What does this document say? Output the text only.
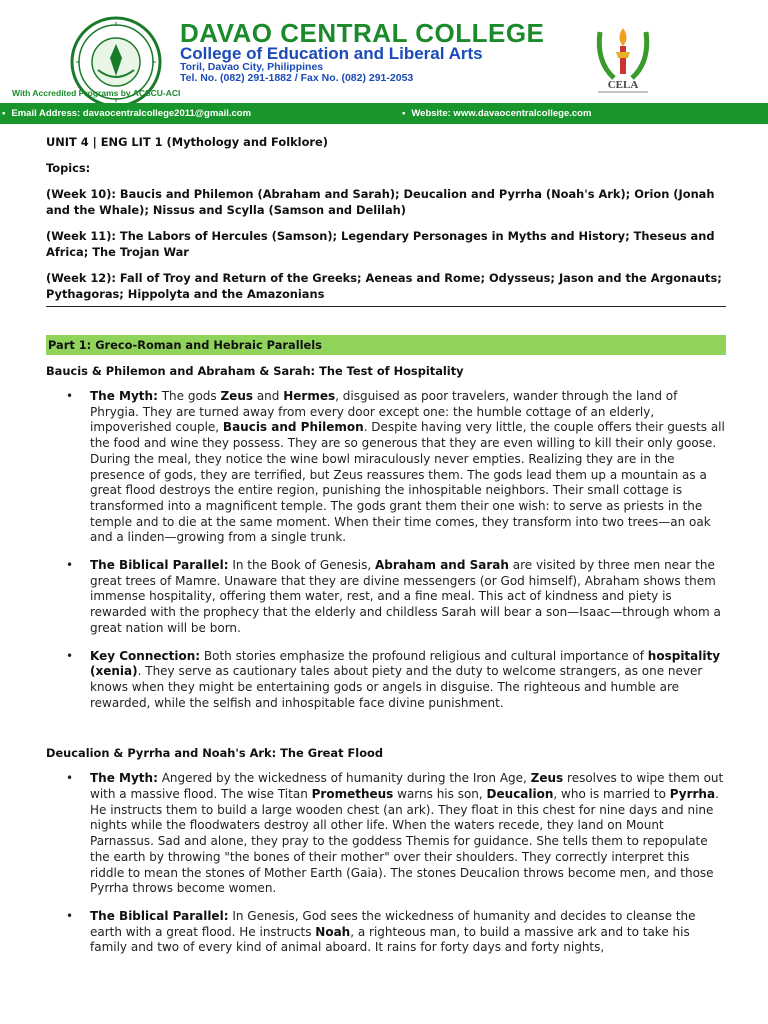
DAVAO CENTRAL COLLEGE
College of Education and Liberal Arts
Toril, Davao City, Philippines
Tel. No. (082) 291-1882 / Fax No. (082) 291-2053
With Accredited Programs by ACSCU-ACI
CELA
▪ Email Address: davaocentralcollege2011@gmail.com	▪ Website: www.davaocentralcollege.com
UNIT 4 | ENG LIT 1 (Mythology and Folklore)
Topics:
(Week 10): Baucis and Philemon (Abraham and Sarah); Deucalion and Pyrrha (Noah's Ark); Orion (Jonah and the Whale); Nissus and Scylla (Samson and Delilah)
(Week 11): The Labors of Hercules (Samson); Legendary Personages in Myths and History; Theseus and Africa; The Trojan War
(Week 12): Fall of Troy and Return of the Greeks; Aeneas and Rome; Odysseus; Jason and the Argonauts; Pythagoras; Hippolyta and the Amazonians
Part 1: Greco-Roman and Hebraic Parallels
Baucis & Philemon and Abraham & Sarah: The Test of Hospitality
• The Myth: The gods Zeus and Hermes, disguised as poor travelers, wander through the land of Phrygia. They are turned away from every door except one: the humble cottage of an elderly, impoverished couple, Baucis and Philemon. Despite having very little, the couple offers their guests all the food and wine they possess. They are so generous that they are even willing to kill their only goose. During the meal, they notice the wine bowl miraculously never empties. Realizing they are in the presence of gods, they are terrified, but Zeus reassures them. The gods lead them up a mountain as a great flood destroys the entire region, punishing the inhospitable neighbors. Their small cottage is transformed into a magnificent temple. The gods grant them their one wish: to serve as priests in the temple and to die at the same moment. When their time comes, they transform into two trees—an oak and a linden—growing from a single trunk.
• The Biblical Parallel: In the Book of Genesis, Abraham and Sarah are visited by three men near the great trees of Mamre. Unaware that they are divine messengers (or God himself), Abraham shows them immense hospitality, offering them water, rest, and a fine meal. This act of kindness and piety is rewarded with the prophecy that the elderly and childless Sarah will bear a son—Isaac—through whom a great nation will be born.
• Key Connection: Both stories emphasize the profound religious and cultural importance of hospitality (xenia). They serve as cautionary tales about piety and the duty to welcome strangers, as one never knows when they might be entertaining gods or angels in disguise. The righteous and humble are rewarded, while the selfish and inhospitable face divine punishment.
Deucalion & Pyrrha and Noah's Ark: The Great Flood
• The Myth: Angered by the wickedness of humanity during the Iron Age, Zeus resolves to wipe them out with a massive flood. The wise Titan Prometheus warns his son, Deucalion, who is married to Pyrrha. He instructs them to build a large wooden chest (an ark). They float in this chest for nine days and nine nights while the floodwaters destroy all other life. When the waters recede, they land on Mount Parnassus. Sad and alone, they pray to the goddess Themis for guidance. She tells them to repopulate the earth by throwing "the bones of their mother" over their shoulders. They correctly interpret this riddle to mean the stones of Mother Earth (Gaia). The stones Deucalion throws become men, and those Pyrrha throws become women.
• The Biblical Parallel: In Genesis, God sees the wickedness of humanity and decides to cleanse the earth with a great flood. He instructs Noah, a righteous man, to build a massive ark and to take his family and two of every kind of animal aboard. It rains for forty days and forty nights,
